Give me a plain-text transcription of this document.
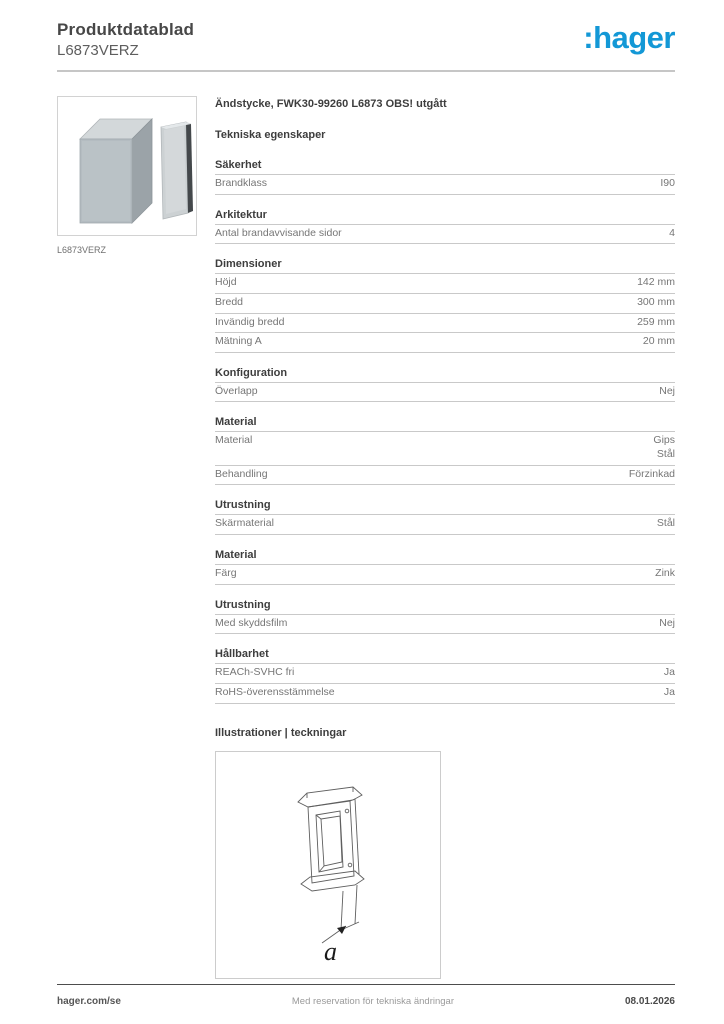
Produktdatablad
L6873VERZ	:hager
L6873VERZ
Ändstycke, FWK30-99260 L6873 OBS! utgått
Tekniska egenskaper
Säkerhet
Brandklass	I90
Arkitektur
Antal brandavvisande sidor	4
Dimensioner
Höjd	142 mm
Bredd	300 mm
Invändig bredd	259 mm
Mätning A	20 mm
Konfiguration
Överlapp	Nej
Material
Material	Gips
Stål
Behandling	Förzinkad
Utrustning
Skärmaterial	Stål
Material
Färg	Zink
Utrustning
Med skyddsfilm	Nej
Hållbarhet
REACh-SVHC fri	Ja
RoHS-överensstämmelse	Ja
Illustrationer | teckningar
a
hager.com/se	Med reservation för tekniska ändringar	08.01.2026
